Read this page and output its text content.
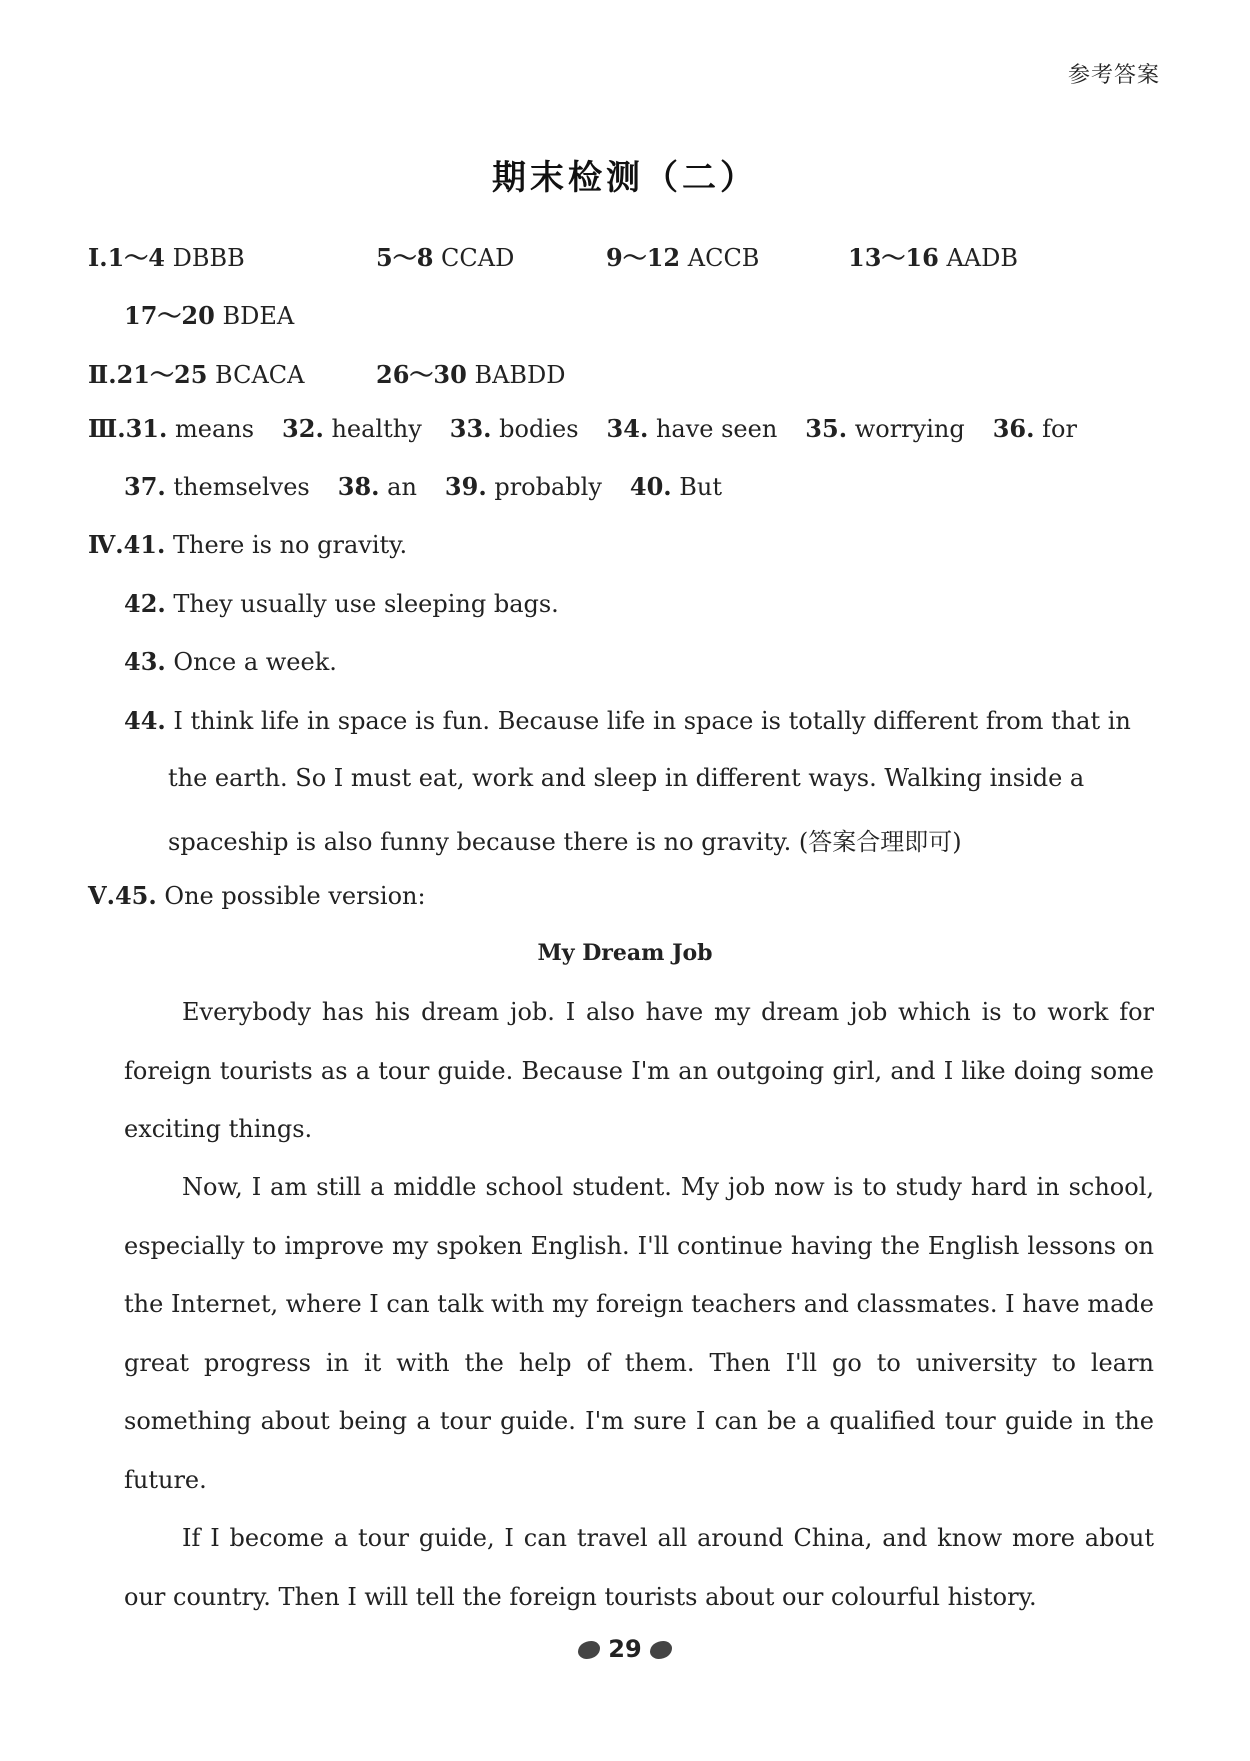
参考答案
期末检测（二）
Ⅰ.1～4 DBBB	5～8 CCAD	9～12 ACCB	13～16 AADB
17～20 BDEA
Ⅱ.21～25 BCACA	26～30 BABDD
Ⅲ.31. means 32. healthy 33. bodies 34. have seen 35. worrying 36. for
37. themselves 38. an 39. probably 40. But
Ⅳ.41. There is no gravity.
42. They usually use sleeping bags.
43. Once a week.
44. I think life in space is fun. Because life in space is totally different from that in
the earth. So I must eat, work and sleep in different ways. Walking inside a
spaceship is also funny because there is no gravity. (答案合理即可)
Ⅴ.45. One possible version:
My Dream Job
Everybody has his dream job. I also have my dream job which is to work for foreign tourists as a tour guide. Because I'm an outgoing girl, and I like doing some exciting things.
Now, I am still a middle school student. My job now is to study hard in school, especially to improve my spoken English. I'll continue having the English lessons on the Internet, where I can talk with my foreign teachers and classmates. I have made great progress in it with the help of them. Then I'll go to university to learn something about being a tour guide. I'm sure I can be a qualified tour guide in the future.
If I become a tour guide, I can travel all around China, and know more about our country. Then I will tell the foreign tourists about our colourful history.
29
